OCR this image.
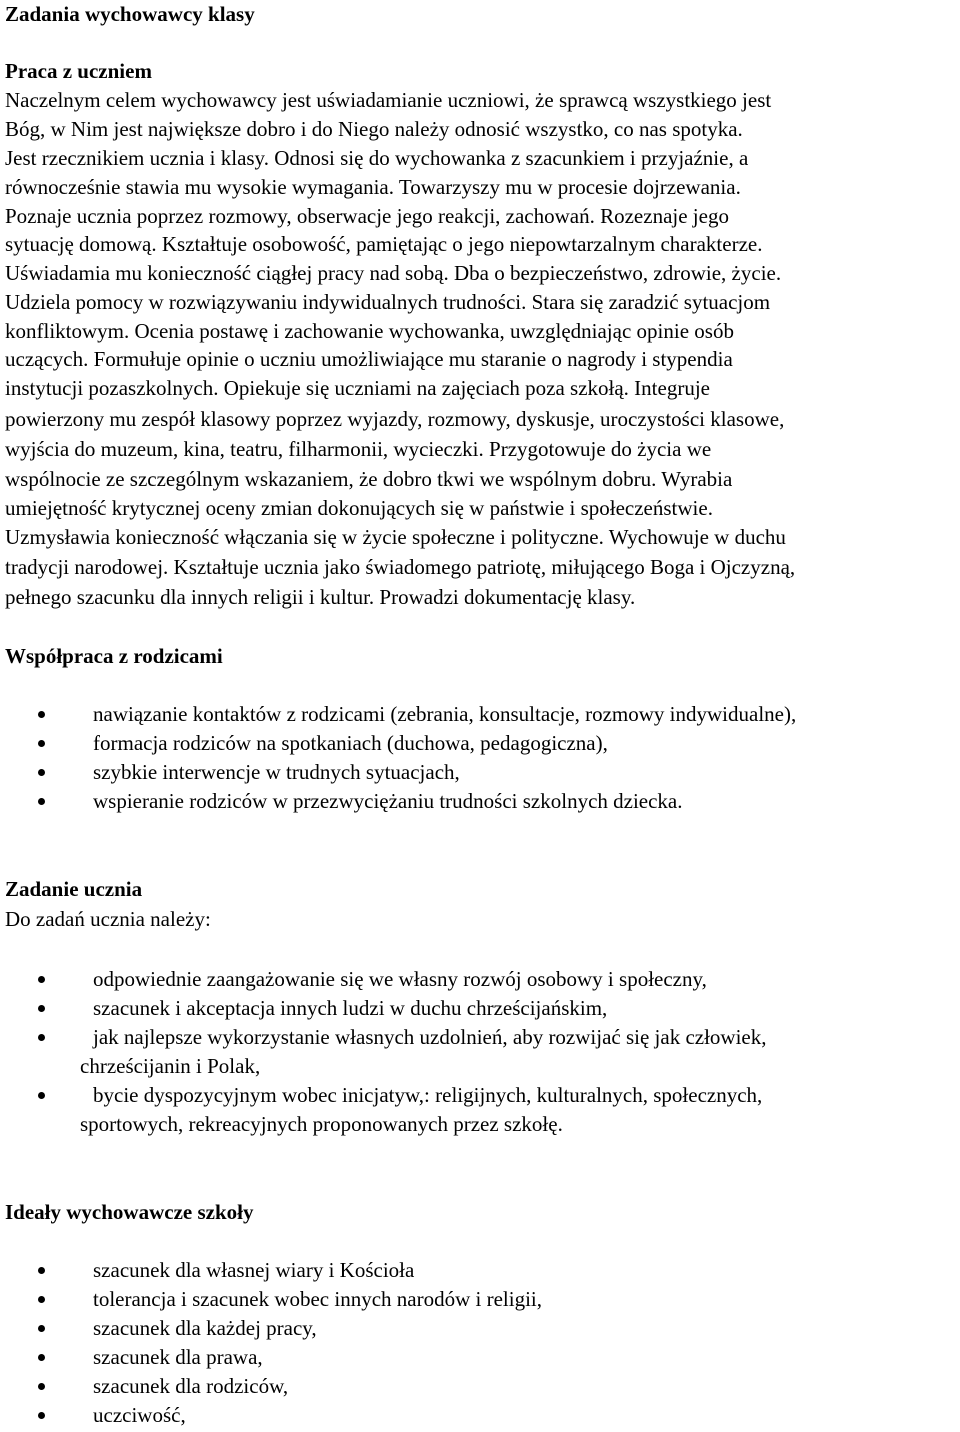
Zadania wychowawcy klasy
Praca z uczniem
Naczelnym celem wychowawcy jest uświadamianie uczniowi, że sprawcą wszystkiego jest
Bóg, w Nim jest największe dobro i do Niego należy odnosić wszystko, co nas spotyka.
Jest rzecznikiem ucznia i klasy. Odnosi się do wychowanka z szacunkiem i przyjaźnie, a
równocześnie stawia mu wysokie wymagania. Towarzyszy mu w procesie dojrzewania.
Poznaje ucznia poprzez rozmowy, obserwacje jego reakcji, zachowań. Rozeznaje jego
sytuację domową. Kształtuje osobowość, pamiętając o jego niepowtarzalnym charakterze.
Uświadamia mu konieczność ciągłej pracy nad sobą. Dba o bezpieczeństwo, zdrowie, życie.
Udziela pomocy w rozwiązywaniu indywidualnych trudności. Stara się zaradzić sytuacjom
konfliktowym. Ocenia postawę i zachowanie wychowanka, uwzględniając opinie osób
uczących. Formułuje opinie o uczniu umożliwiające mu staranie o nagrody i stypendia
instytucji pozaszkolnych. Opiekuje się uczniami na zajęciach poza szkołą. Integruje
powierzony mu zespół klasowy poprzez wyjazdy, rozmowy, dyskusje, uroczystości klasowe,
wyjścia do muzeum, kina, teatru, filharmonii, wycieczki. Przygotowuje do życia we
wspólnocie ze szczególnym wskazaniem, że dobro tkwi we wspólnym dobru. Wyrabia
umiejętność krytycznej oceny zmian dokonujących się w państwie i społeczeństwie.
Uzmysławia konieczność włączania się w życie społeczne i polityczne. Wychowuje w duchu
tradycji narodowej. Kształtuje ucznia jako świadomego patriotę, miłującego Boga i Ojczyzną,
pełnego szacunku dla innych religii i kultur. Prowadzi dokumentację klasy.
Współpraca z rodzicami
nawiązanie kontaktów z rodzicami (zebrania, konsultacje, rozmowy indywidualne),
formacja rodziców na spotkaniach (duchowa, pedagogiczna),
szybkie interwencje w trudnych sytuacjach,
wspieranie rodziców w przezwyciężaniu trudności szkolnych dziecka.
Zadanie ucznia
Do zadań ucznia należy:
odpowiednie zaangażowanie się we własny rozwój osobowy i społeczny,
szacunek i akceptacja innych ludzi w duchu chrześcijańskim,
jak najlepsze wykorzystanie własnych uzdolnień, aby rozwijać się jak człowiek,
chrześcijanin i Polak,
bycie dyspozycyjnym wobec inicjatyw,: religijnych, kulturalnych, społecznych,
sportowych, rekreacyjnych proponowanych przez szkołę.
Ideały wychowawcze szkoły
szacunek dla własnej wiary i Kościoła
tolerancja i szacunek wobec innych narodów i religii,
szacunek dla każdej pracy,
szacunek dla prawa,
szacunek dla rodziców,
uczciwość,
